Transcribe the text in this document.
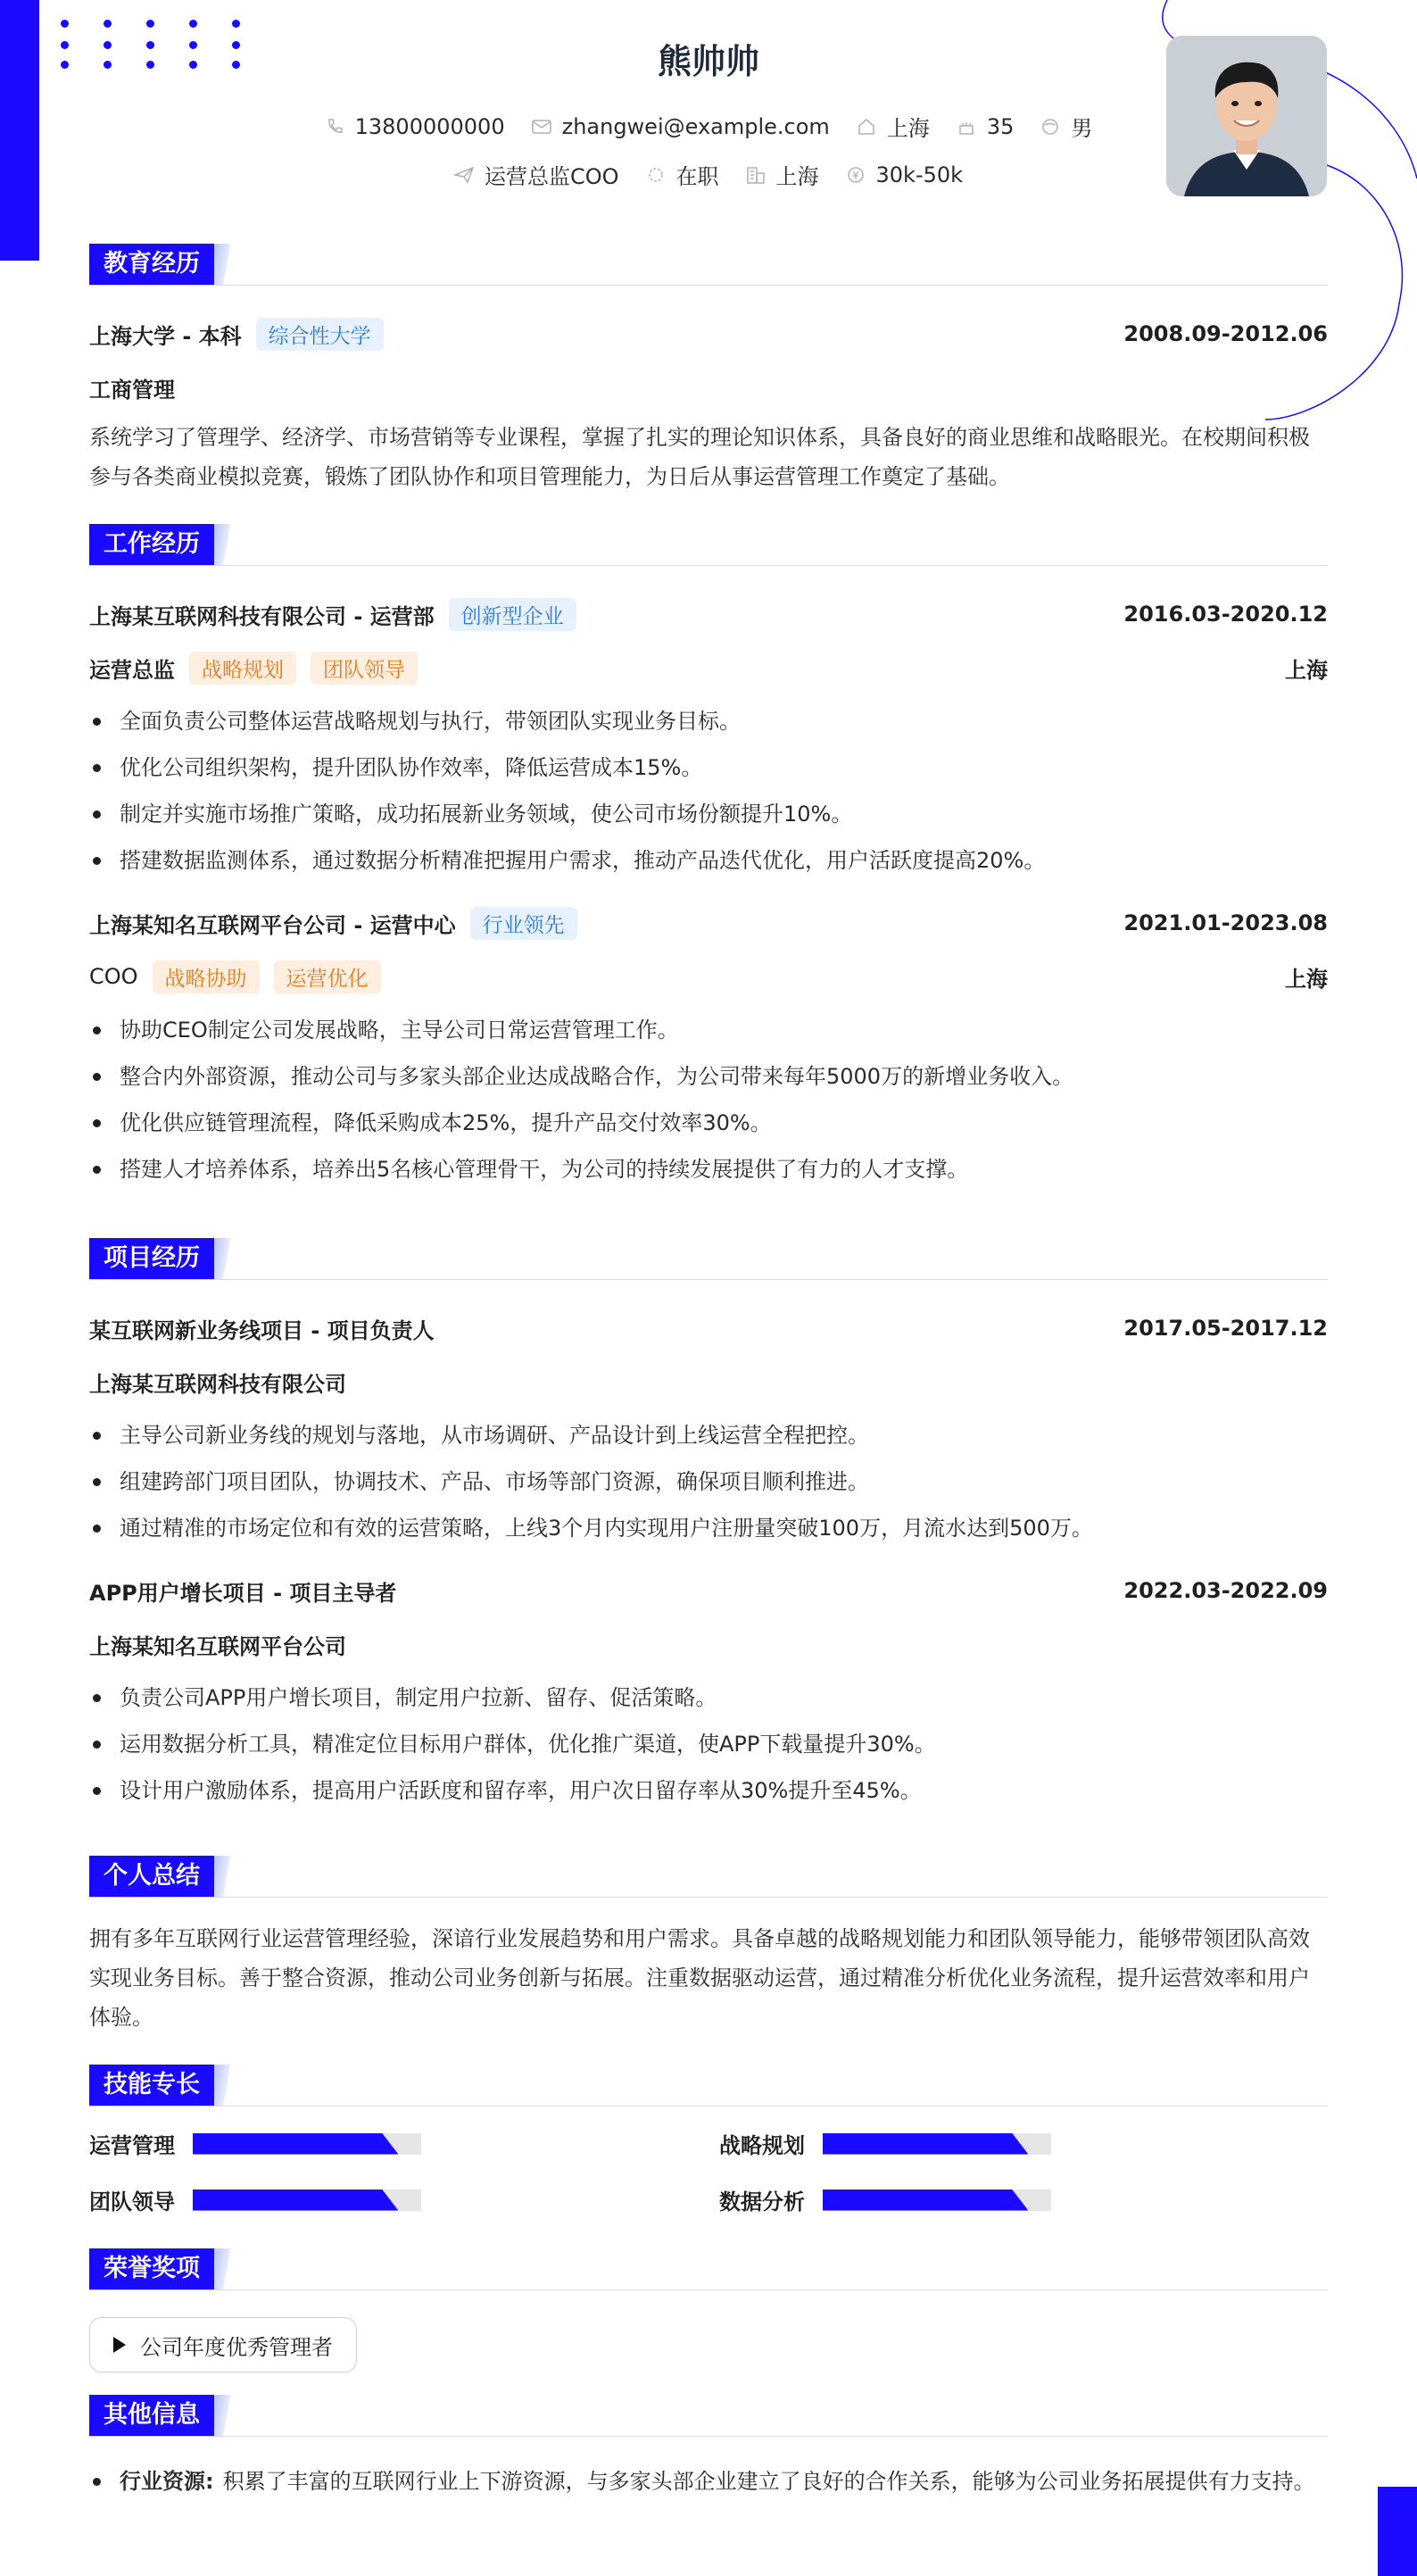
熊帅帅
13800000000	zhangwei@example.com	上海	35	男
运营总监COO	在职	上海	30k-50k
教育经历
上海大学 - 本科	综合性大学	2008.09-2012.06
工商管理
系统学习了管理学、经济学、市场营销等专业课程，掌握了扎实的理论知识体系，具备良好的商业思维和战略眼光。在校期间积极参与各类商业模拟竞赛，锻炼了团队协作和项目管理能力，为日后从事运营管理工作奠定了基础。
工作经历
上海某互联网科技有限公司 - 运营部	创新型企业	2016.03-2020.12
运营总监	战略规划	团队领导	上海
全面负责公司整体运营战略规划与执行，带领团队实现业务目标。
优化公司组织架构，提升团队协作效率，降低运营成本15%。
制定并实施市场推广策略，成功拓展新业务领域，使公司市场份额提升10%。
搭建数据监测体系，通过数据分析精准把握用户需求，推动产品迭代优化，用户活跃度提高20%。
上海某知名互联网平台公司 - 运营中心	行业领先	2021.01-2023.08
COO	战略协助	运营优化	上海
协助CEO制定公司发展战略，主导公司日常运营管理工作。
整合内外部资源，推动公司与多家头部企业达成战略合作，为公司带来每年5000万的新增业务收入。
优化供应链管理流程，降低采购成本25%，提升产品交付效率30%。
搭建人才培养体系，培养出5名核心管理骨干，为公司的持续发展提供了有力的人才支撑。
项目经历
某互联网新业务线项目 - 项目负责人	2017.05-2017.12
上海某互联网科技有限公司
主导公司新业务线的规划与落地，从市场调研、产品设计到上线运营全程把控。
组建跨部门项目团队，协调技术、产品、市场等部门资源，确保项目顺利推进。
通过精准的市场定位和有效的运营策略，上线3个月内实现用户注册量突破100万，月流水达到500万。
APP用户增长项目 - 项目主导者	2022.03-2022.09
上海某知名互联网平台公司
负责公司APP用户增长项目，制定用户拉新、留存、促活策略。
运用数据分析工具，精准定位目标用户群体，优化推广渠道，使APP下载量提升30%。
设计用户激励体系，提高用户活跃度和留存率，用户次日留存率从30%提升至45%。
个人总结
拥有多年互联网行业运营管理经验，深谙行业发展趋势和用户需求。具备卓越的战略规划能力和团队领导能力，能够带领团队高效实现业务目标。善于整合资源，推动公司业务创新与拓展。注重数据驱动运营，通过精准分析优化业务流程，提升运营效率和用户体验。
技能专长
运营管理	战略规划
团队领导	数据分析
荣誉奖项
公司年度优秀管理者
其他信息
行业资源: 积累了丰富的互联网行业上下游资源，与多家头部企业建立了良好的合作关系，能够为公司业务拓展提供有力支持。
